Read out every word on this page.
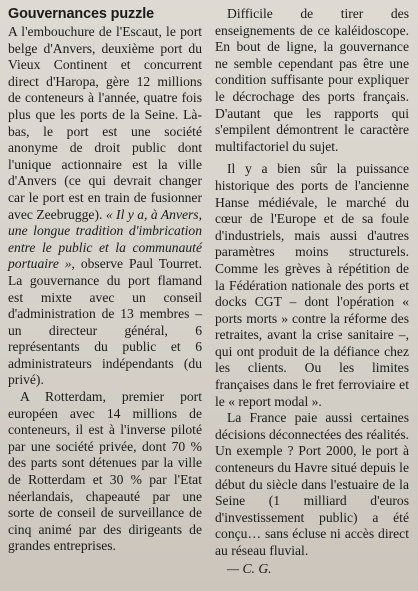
Gouvernances puzzle

A l'embouchure de l'Escaut, le port belge d'Anvers, deuxième port du Vieux Continent et concurrent direct d'Haropa, gère 12 millions de conteneurs à l'année, quatre fois plus que les ports de la Seine. Là-bas, le port est une société anonyme de droit public dont l'unique actionnaire est la ville d'Anvers (ce qui devrait changer car le port est en train de fusionner avec Zeebrugge). « Il y a, à Anvers, une longue tradition d'imbrication entre le public et la communauté portuaire », observe Paul Tourret. La gouvernance du port flamand est mixte avec un conseil d'administration de 13 membres – un directeur général, 6 représentants du public et 6 administrateurs indépendants (du privé).

A Rotterdam, premier port européen avec 14 millions de conteneurs, il est à l'inverse piloté par une société privée, dont 70 % des parts sont détenues par la ville de Rotterdam et 30 % par l'Etat néerlandais, chapeauté par une sorte de conseil de surveillance de cinq animé par des dirigeants de grandes entreprises.

Difficile de tirer des enseignements de ce kaléidoscope. En bout de ligne, la gouvernance ne semble cependant pas être une condition suffisante pour expliquer le décrochage des ports français. D'autant que les rapports qui s'empilent démontrent le caractère multifactoriel du sujet.

Il y a bien sûr la puissance historique des ports de l'ancienne Hanse médiévale, le marché du cœur de l'Europe et de sa foule d'industriels, mais aussi d'autres paramètres moins structurels. Comme les grèves à répétition de la Fédération nationale des ports et docks CGT – dont l'opération « ports morts » contre la réforme des retraites, avant la crise sanitaire –, qui ont produit de la défiance chez les clients. Ou les limites françaises dans le fret ferroviaire et le « report modal ».

La France paie aussi certaines décisions déconnectées des réalités. Un exemple ? Port 2000, le port à conteneurs du Havre situé depuis le début du siècle dans l'estuaire de la Seine (1 milliard d'euros d'investissement public) a été conçu… sans écluse ni accès direct au réseau fluvial.

— C. G.
